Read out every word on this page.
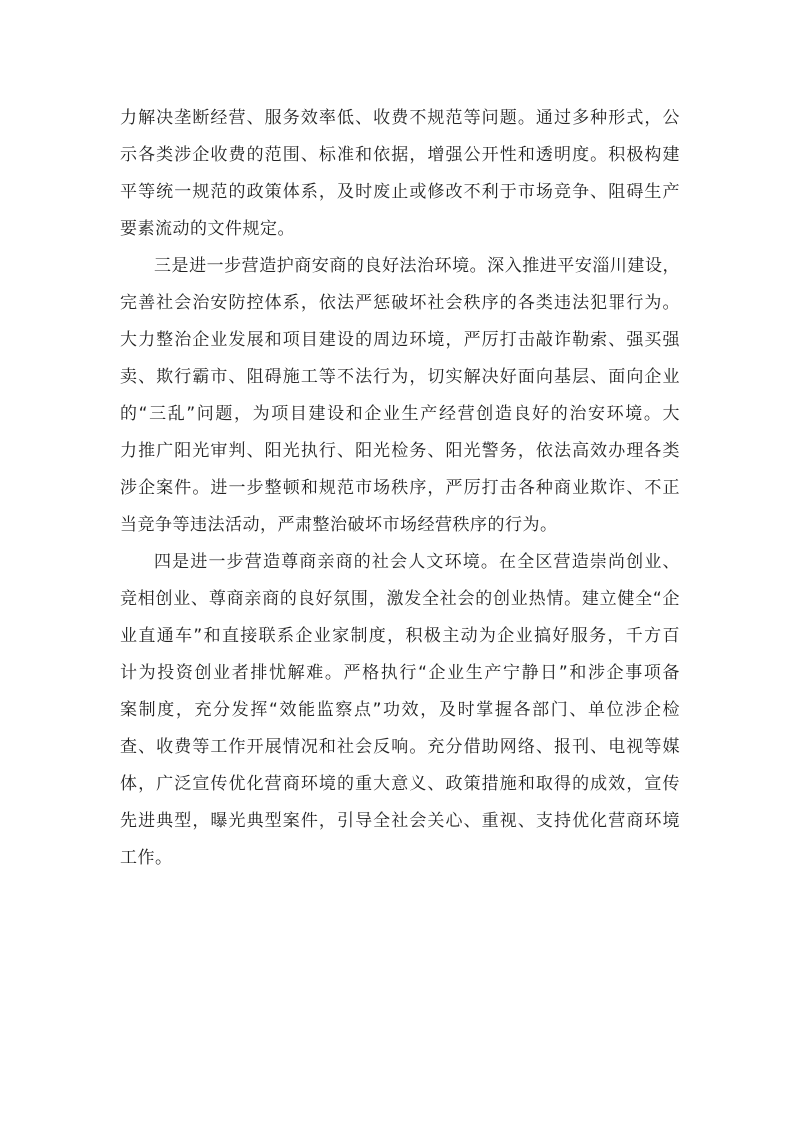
力解决垄断经营、服务效率低、收费不规范等问题。通过多种形式，公
示各类涉企收费的范围、标准和依据，增强公开性和透明度。积极构建
平等统一规范的政策体系，及时废止或修改不利于市场竞争、阻碍生产
要素流动的文件规定。
三是进一步营造护商安商的良好法治环境。深入推进平安淄川建设，
完善社会治安防控体系，依法严惩破坏社会秩序的各类违法犯罪行为。
大力整治企业发展和项目建设的周边环境，严厉打击敲诈勒索、强买强
卖、欺行霸市、阻碍施工等不法行为，切实解决好面向基层、面向企业
的“三乱”问题，为项目建设和企业生产经营创造良好的治安环境。大
力推广阳光审判、阳光执行、阳光检务、阳光警务，依法高效办理各类
涉企案件。进一步整顿和规范市场秩序，严厉打击各种商业欺诈、不正
当竞争等违法活动，严肃整治破坏市场经营秩序的行为。
四是进一步营造尊商亲商的社会人文环境。在全区营造崇尚创业、
竞相创业、尊商亲商的良好氛围，激发全社会的创业热情。建立健全“企
业直通车”和直接联系企业家制度，积极主动为企业搞好服务，千方百
计为投资创业者排忧解难。严格执行“企业生产宁静日”和涉企事项备
案制度，充分发挥“效能监察点”功效，及时掌握各部门、单位涉企检
查、收费等工作开展情况和社会反响。充分借助网络、报刊、电视等媒
体，广泛宣传优化营商环境的重大意义、政策措施和取得的成效，宣传
先进典型，曝光典型案件，引导全社会关心、重视、支持优化营商环境
工作。
